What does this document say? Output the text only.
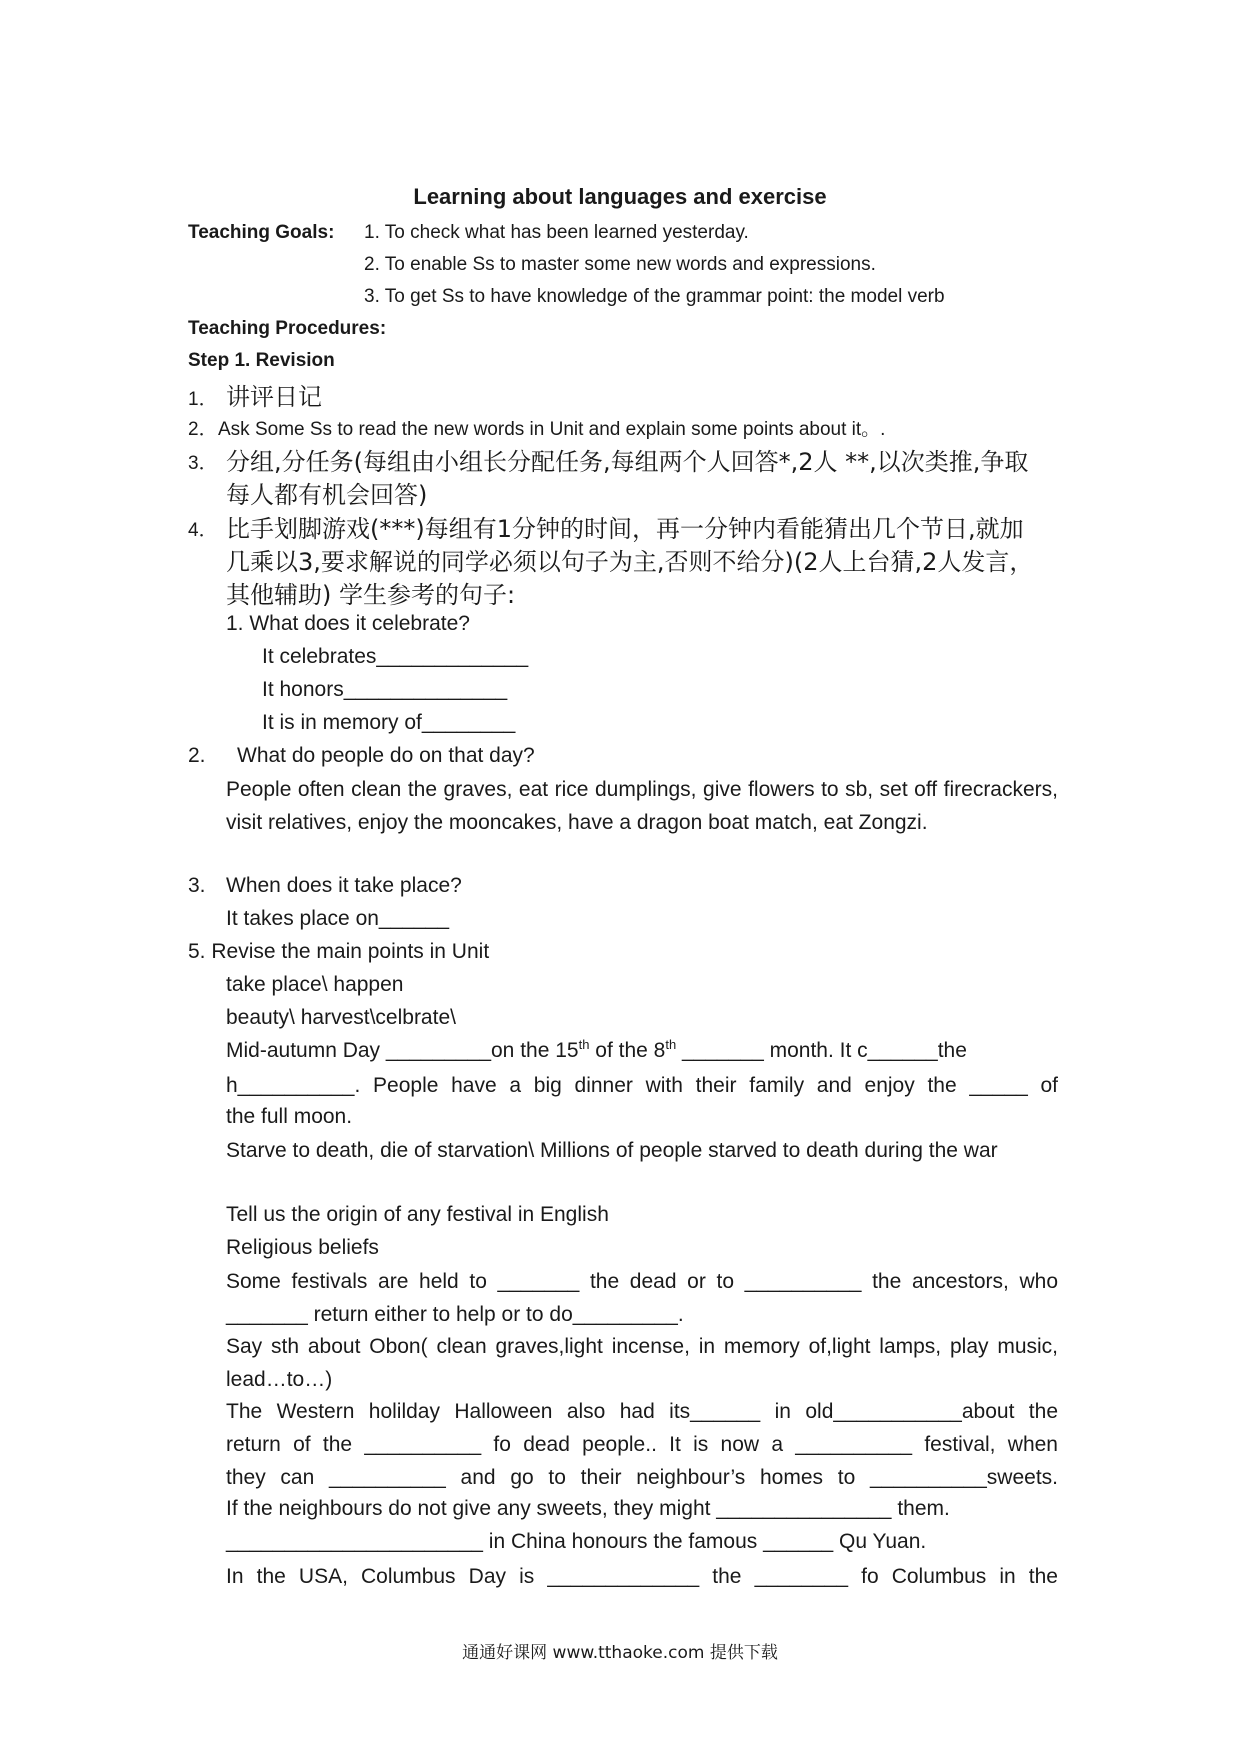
Learning about languages and exercise
Teaching Goals: 1. To check what has been learned yesterday.
2. To enable Ss to master some new words and expressions.
3. To get Ss to have knowledge of the grammar point: the model verb
Teaching Procedures:
Step 1. Revision
1． 讲评日记
2． Ask Some Ss to read the new words in Unit and explain some points about it。.
3． 分组,分任务(每组由小组长分配任务,每组两个人回答*,2人 **,以次类推,争取
每人都有机会回答)
4． 比手划脚游戏(***)每组有1分钟的时间，再一分钟内看能猜出几个节日,就加
几乘以3,要求解说的同学必须以句子为主,否则不给分)(2人上台猜,2人发言，
其他辅助) 学生参考的句子:
1. What does it celebrate?
It celebrates_____________
It honors______________
It is in memory of________
2. What do people do on that day?
People often clean the graves, eat rice dumplings, give flowers to sb, set off firecrackers, visit relatives, enjoy the mooncakes, have a dragon boat match, eat Zongzi.
3. When does it take place?
It takes place on______
5. Revise the main points in Unit
take place\ happen
beauty\ harvest\celbrate\
Mid-autumn Day _________on the 15th of the 8th _______ month. It c______the
h__________. People have a big dinner with their family and enjoy the _____ of
the full moon.
Starve to death, die of starvation\ Millions of people starved to death during the war
Tell us the origin of any festival in English
Religious beliefs
Some festivals are held to _______ the dead or to __________ the ancestors, who _______ return either to help or to do_________.
Say sth about Obon( clean graves,light incense, in memory of,light lamps, play music, lead…to…)
The Western holilday Halloween also had its______ in old___________about the
return of the __________ fo dead people.. It is now a __________ festival, when
they can __________ and go to their neighbour’s homes to __________sweets.
If the neighbours do not give any sweets, they might _______________ them.
______________________ in China honours the famous ______ Qu Yuan.
In the USA, Columbus Day is _____________ the ________ fo Columbus in the
通通好课网 www.tthaoke.com 提供下载
